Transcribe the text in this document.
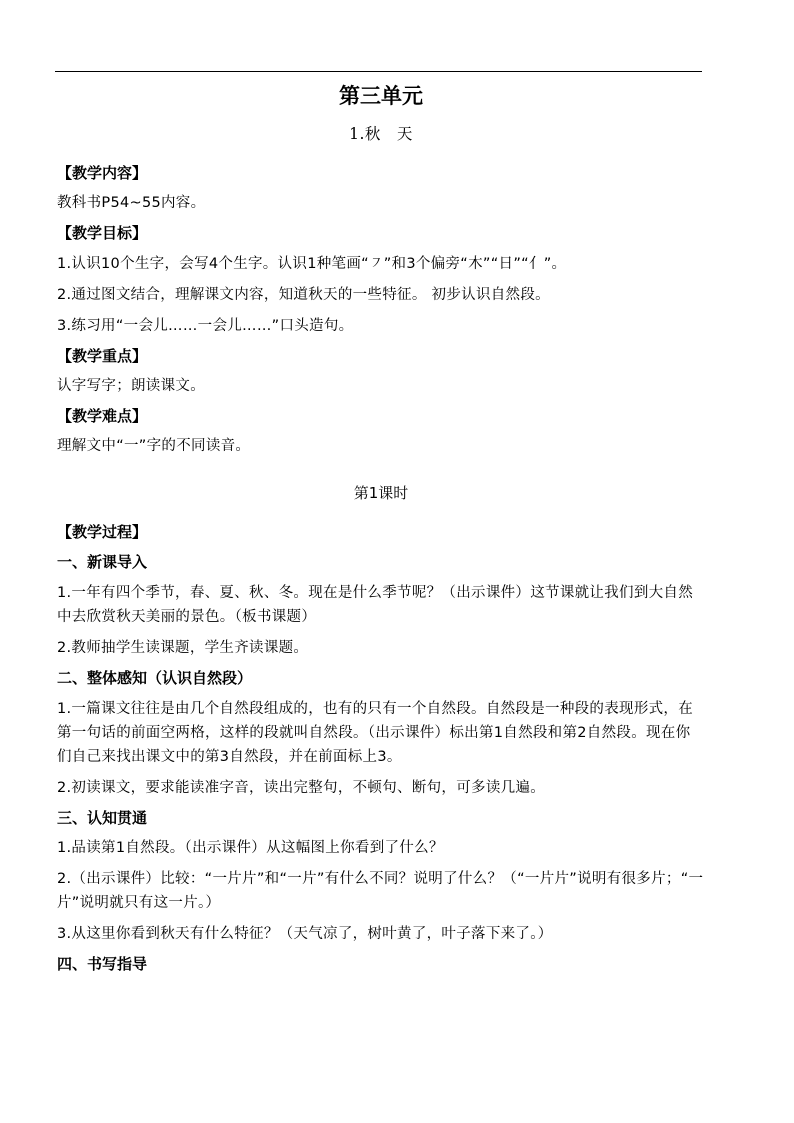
第三单元
1.秋　天
【教学内容】
教科书P54~55内容。
【教学目标】
1.认识10个生字，会写4个生字。认识1种笔画“㇇”和3个偏旁“木”“日”“亻”。
2.通过图文结合，理解课文内容，知道秋天的一些特征。 初步认识自然段。
3.练习用“一会儿……一会儿……”口头造句。
【教学重点】
认字写字；朗读课文。
【教学难点】
理解文中“一”字的不同读音。
第1课时
【教学过程】
一、新课导入
1.一年有四个季节，春、夏、秋、冬。现在是什么季节呢？（出示课件）这节课就让我们到大自然中去欣赏秋天美丽的景色。（板书课题）
2.教师抽学生读课题，学生齐读课题。
二、整体感知（认识自然段）
1.一篇课文往往是由几个自然段组成的，也有的只有一个自然段。自然段是一种段的表现形式，在第一句话的前面空两格，这样的段就叫自然段。（出示课件）标出第1自然段和第2自然段。现在你们自己来找出课文中的第3自然段，并在前面标上3。
2.初读课文，要求能读准字音，读出完整句，不顿句、断句，可多读几遍。
三、认知贯通
1.品读第1自然段。（出示课件）从这幅图上你看到了什么？
2.（出示课件）比较：“一片片”和“一片”有什么不同？说明了什么？（“一片片”说明有很多片；“一片”说明就只有这一片。）
3.从这里你看到秋天有什么特征？（天气凉了，树叶黄了，叶子落下来了。）
四、书写指导
